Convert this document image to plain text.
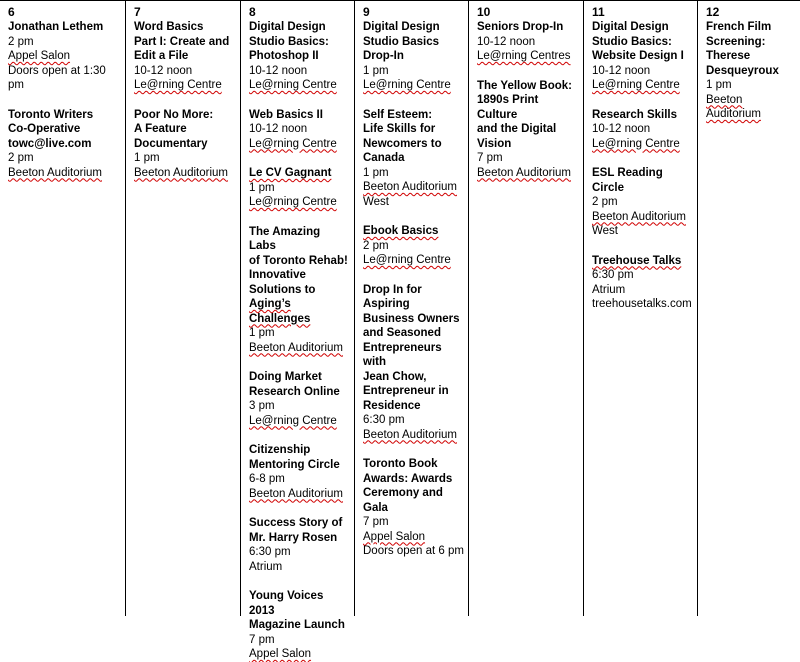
6
Jonathan Lethem
2 pm
Appel Salon
Doors open at 1:30 pm
Toronto Writers
Co-Operative
towc@live.com
2 pm
Beeton Auditorium
7
Word Basics
Part I: Create and
Edit a File
10-12 noon
Le@rning Centre
Poor No More:
A Feature
Documentary
1 pm
Beeton Auditorium
8
Digital Design
Studio Basics:
Photoshop II
10-12 noon
Le@rning Centre
Web Basics II
10-12 noon
Le@rning Centre
Le CV Gagnant
1 pm
Le@rning Centre
The Amazing Labs
of Toronto Rehab!
Innovative
Solutions to
Aging’s Challenges
1 pm
Beeton Auditorium
Doing Market
Research Online
3 pm
Le@rning Centre
Citizenship
Mentoring Circle
6-8 pm
Beeton Auditorium
Success Story of
Mr. Harry Rosen
6:30 pm
Atrium
Young Voices 2013
Magazine Launch
7 pm
Appel Salon
9
Digital Design
Studio Basics
Drop-In
1 pm
Le@rning Centre
Self Esteem:
Life Skills for
Newcomers to
Canada
1 pm
Beeton Auditorium
West
Ebook Basics
2 pm
Le@rning Centre
Drop In for Aspiring
Business Owners
and Seasoned
Entrepreneurs with
Jean Chow,
Entrepreneur in
Residence
6:30 pm
Beeton Auditorium
Toronto Book
Awards: Awards
Ceremony and Gala
7 pm
Appel Salon
Doors open at 6 pm
10
Seniors Drop-In
10-12 noon
Le@rning Centres
The Yellow Book:
1890s Print Culture
and the Digital
Vision
7 pm
Beeton Auditorium
11
Digital Design
Studio Basics:
Website Design I
10-12 noon
Le@rning Centre
Research Skills
10-12 noon
Le@rning Centre
ESL Reading Circle
2 pm
Beeton Auditorium
West
Treehouse Talks
6:30 pm
Atrium
treehousetalks.com
12
French Film
Screening:
Therese
Desqueyroux
1 pm
Beeton Auditorium
